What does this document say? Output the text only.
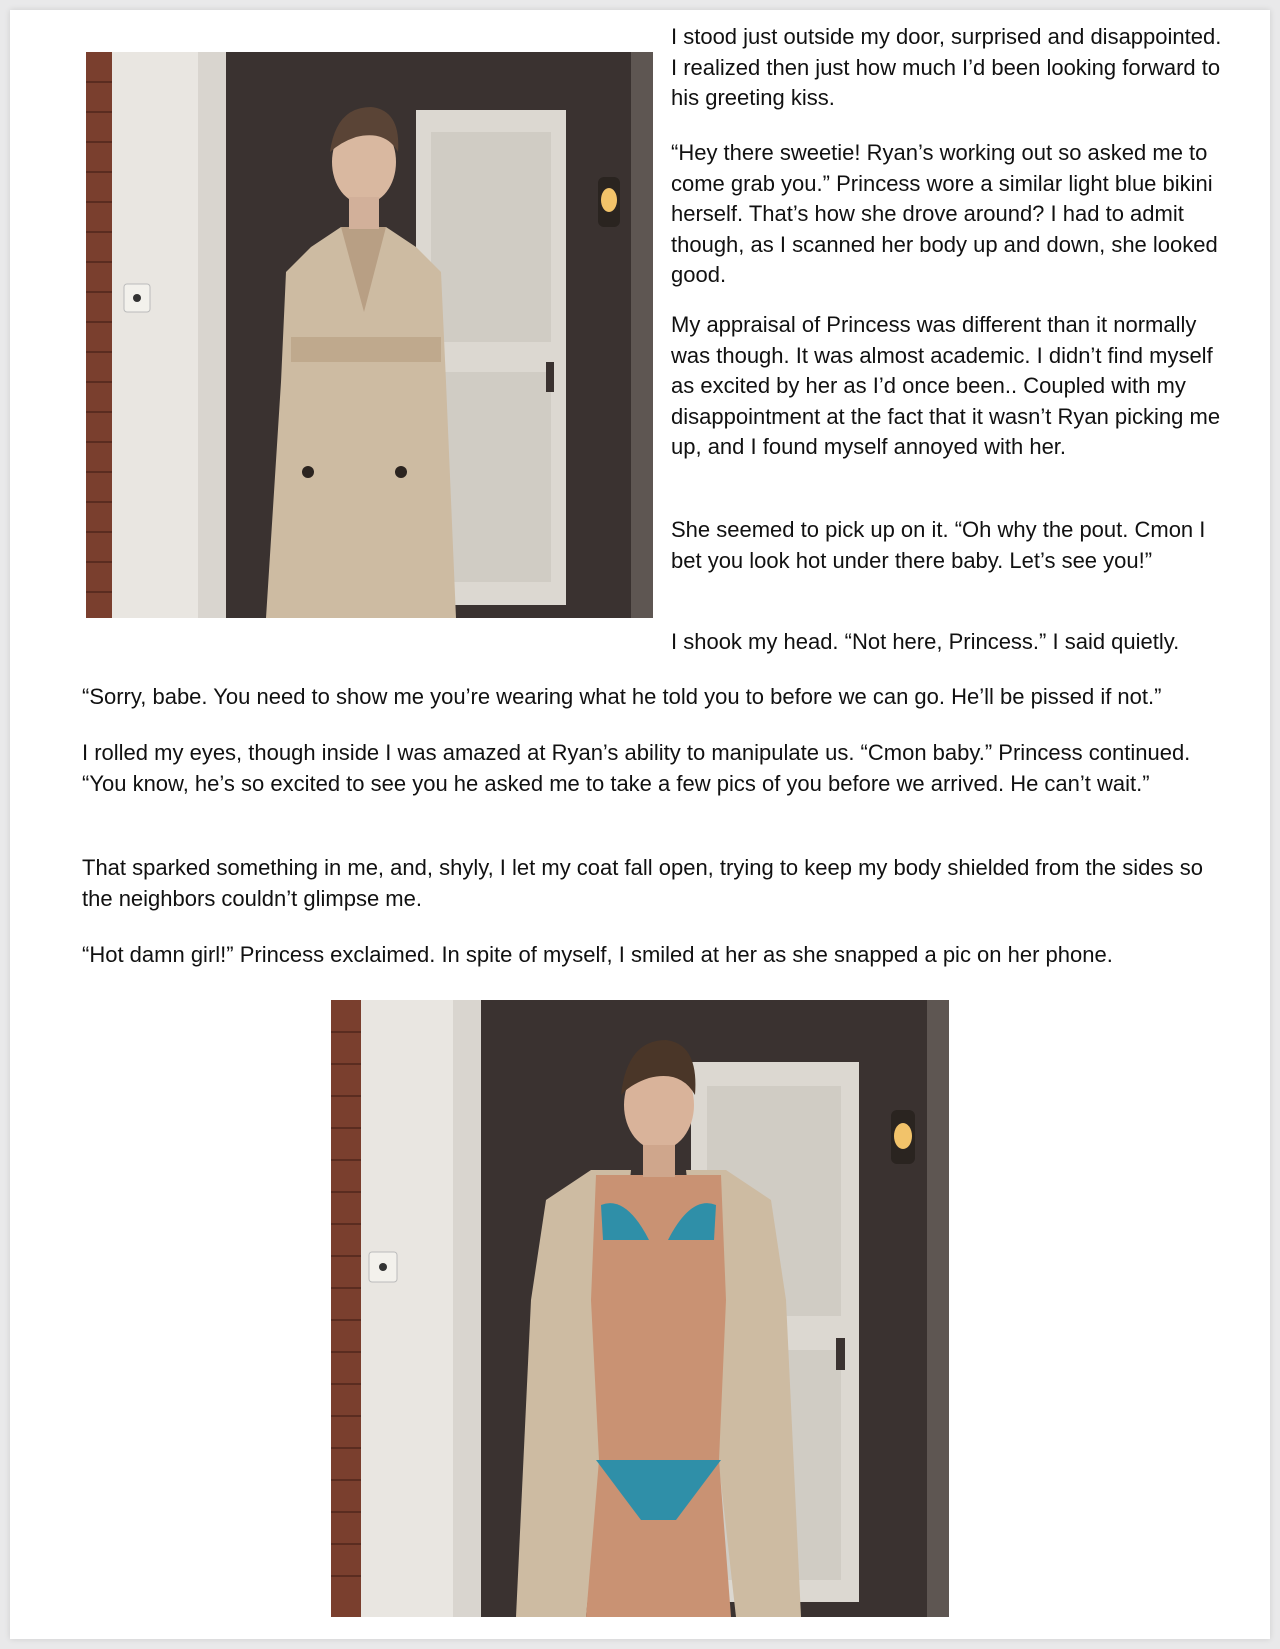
I stood just outside my door, surprised and disappointed. I realized then just how much I’d been looking forward to his greeting kiss.

“Hey there sweetie! Ryan’s working out so asked me to come grab you.” Princess wore a similar light blue bikini herself. That’s how she drove around? I had to admit though, as I scanned her body up and down, she looked good.

My appraisal of Princess was different than it normally was though. It was almost academic. I didn’t find myself as excited by her as I’d once been.. Coupled with my disappointment at the fact that it wasn’t Ryan picking me up, and I found myself annoyed with her.

She seemed to pick up on it. “Oh why the pout. Cmon I bet you look hot under there baby. Let’s see you!”

I shook my head. “Not here, Princess.” I said quietly.

“Sorry, babe. You need to show me you’re wearing what he told you to before we can go. He’ll be pissed if not.”

I rolled my eyes, though inside I was amazed at Ryan’s ability to manipulate us. “Cmon baby.” Princess continued. “You know, he’s so excited to see you he asked me to take a few pics of you before we arrived. He can’t wait.”

That sparked something in me, and, shyly, I let my coat fall open, trying to keep my body shielded from the sides so the neighbors couldn’t glimpse me.

“Hot damn girl!” Princess exclaimed. In spite of myself, I smiled at her as she snapped a pic on her phone.
